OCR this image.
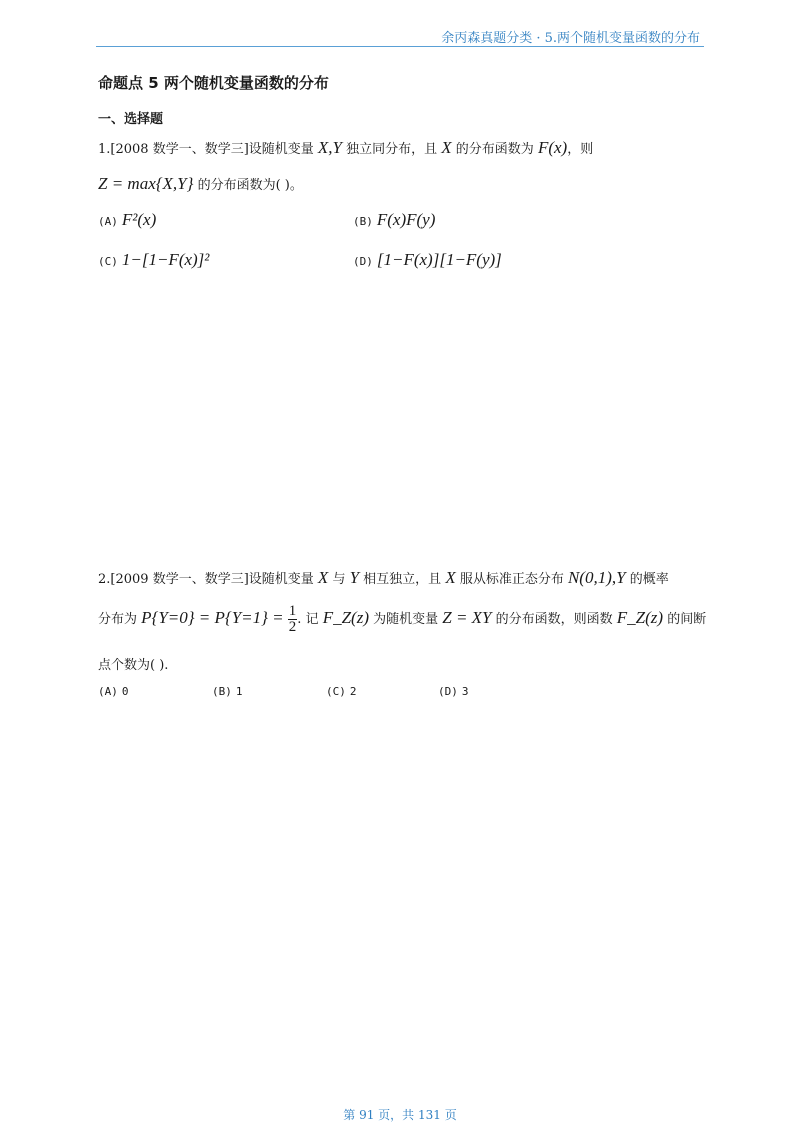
余丙森真题分类 · 5.两个随机变量函数的分布
命题点 5 两个随机变量函数的分布
一、选择题
1.[2008 数学一、数学三]设随机变量 X,Y 独立同分布，且 X 的分布函数为 F(x)，则
Z = max{X,Y} 的分布函数为( )。
(A) F²(x)	(B) F(x)F(y)
(C) 1−[1−F(x)]²	(D) [1−F(x)][1−F(y)]
2.[2009 数学一、数学三]设随机变量 X 与 Y 相互独立，且 X 服从标准正态分布 N(0,1),Y 的概率
分布为 $P\{Y=0\} = P\{Y=1\} = \frac{1}{2}$ . 记 F_Z(z) 为随机变量 Z = XY 的分布函数，则函数 F_Z(z) 的间断
点个数为( ).
(A) 0	(B) 1	(C) 2	(D) 3
第 91 页，共 131 页
